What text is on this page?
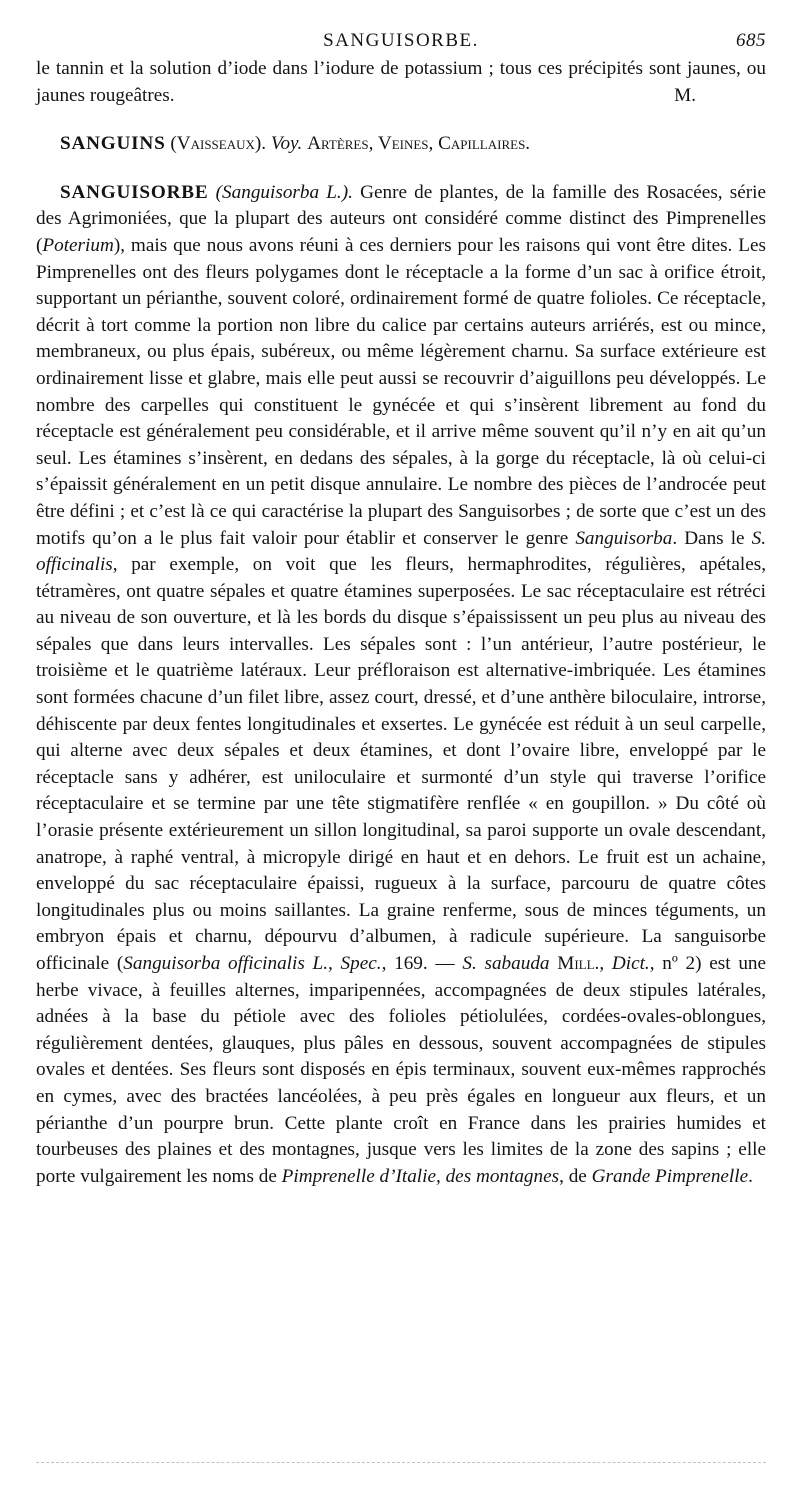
SANGUISORBE.	685

le tannin et la solution d’iode dans l’iodure de potassium ; tous ces précipités sont jaunes, ou jaunes rougeâtres.	M.

SANGUINS (Vaisseaux). Voy. Artères, Veines, Capillaires.

SANGUISORBE (Sanguisorba L.). Genre de plantes, de la famille des Rosacées, série des Agrimoniées, que la plupart des auteurs ont considéré comme distinct des Pimprenelles (Poterium), mais que nous avons réuni à ces derniers pour les raisons qui vont être dites. Les Pimprenelles ont des fleurs polygames dont le réceptacle a la forme d’un sac à orifice étroit, supportant un périanthe, souvent coloré, ordinairement formé de quatre folioles. Ce réceptacle, décrit à tort comme la portion non libre du calice par certains auteurs arriérés, est ou mince, membraneux, ou plus épais, subéreux, ou même légèrement charnu. Sa surface extérieure est ordinairement lisse et glabre, mais elle peut aussi se recouvrir d’aiguillons peu développés. Le nombre des carpelles qui constituent le gynécée et qui s’insèrent librement au fond du réceptacle est généralement peu considérable, et il arrive même souvent qu’il n’y en ait qu’un seul. Les étamines s’insèrent, en dedans des sépales, à la gorge du réceptacle, là où celui-ci s’épaissit généralement en un petit disque annulaire. Le nombre des pièces de l’androcée peut être défini ; et c’est là ce qui caractérise la plupart des Sanguisorbes ; de sorte que c’est un des motifs qu’on a le plus fait valoir pour établir et conserver le genre Sanguisorba. Dans le S. officinalis, par exemple, on voit que les fleurs, hermaphrodites, régulières, apétales, tétramères, ont quatre sépales et quatre étamines superposées. Le sac réceptaculaire est rétréci au niveau de son ouverture, et là les bords du disque s’épaississent un peu plus au niveau des sépales que dans leurs intervalles. Les sépales sont : l’un antérieur, l’autre postérieur, le troisième et le quatrième latéraux. Leur préfloraison est alternative-imbriquée. Les étamines sont formées chacune d’un filet libre, assez court, dressé, et d’une anthère biloculaire, introrse, déhiscente par deux fentes longitudinales et exsertes. Le gynécée est réduit à un seul carpelle, qui alterne avec deux sépales et deux étamines, et dont l’ovaire libre, enveloppé par le réceptacle sans y adhérer, est uniloculaire et surmonté d’un style qui traverse l’orifice réceptaculaire et se termine par une tête stigmatifère renflée « en goupillon. » Du côté où l’orasie présente extérieurement un sillon longitudinal, sa paroi supporte un ovale descendant, anatrope, à raphé ventral, à micropyle dirigé en haut et en dehors. Le fruit est un achaine, enveloppé du sac réceptaculaire épaissi, rugueux à la surface, parcouru de quatre côtes longitudinales plus ou moins saillantes. La graine renferme, sous de minces téguments, un embryon épais et charnu, dépourvu d’albumen, à radicule supérieure. La sanguisorbe officinale (Sanguisorba officinalis L., Spec., 169. — S. sabauda Mill., Dict., nº 2) est une herbe vivace, à feuilles alternes, imparipennées, accompagnées de deux stipules latérales, adnées à la base du pétiole avec des folioles pétiolulées, cordées-ovales-oblongues, régulièrement dentées, glauques, plus pâles en dessous, souvent accompagnées de stipules ovales et dentées. Ses fleurs sont disposés en épis terminaux, souvent eux-mêmes rapprochés en cymes, avec des bractées lancéolées, à peu près égales en longueur aux fleurs, et un périanthe d’un pourpre brun. Cette plante croît en France dans les prairies humides et tourbeuses des plaines et des montagnes, jusque vers les limites de la zone des sapins ; elle porte vulgairement les noms de Pimprenelle d’Italie, des montagnes, de Grande Pimprenelle.
